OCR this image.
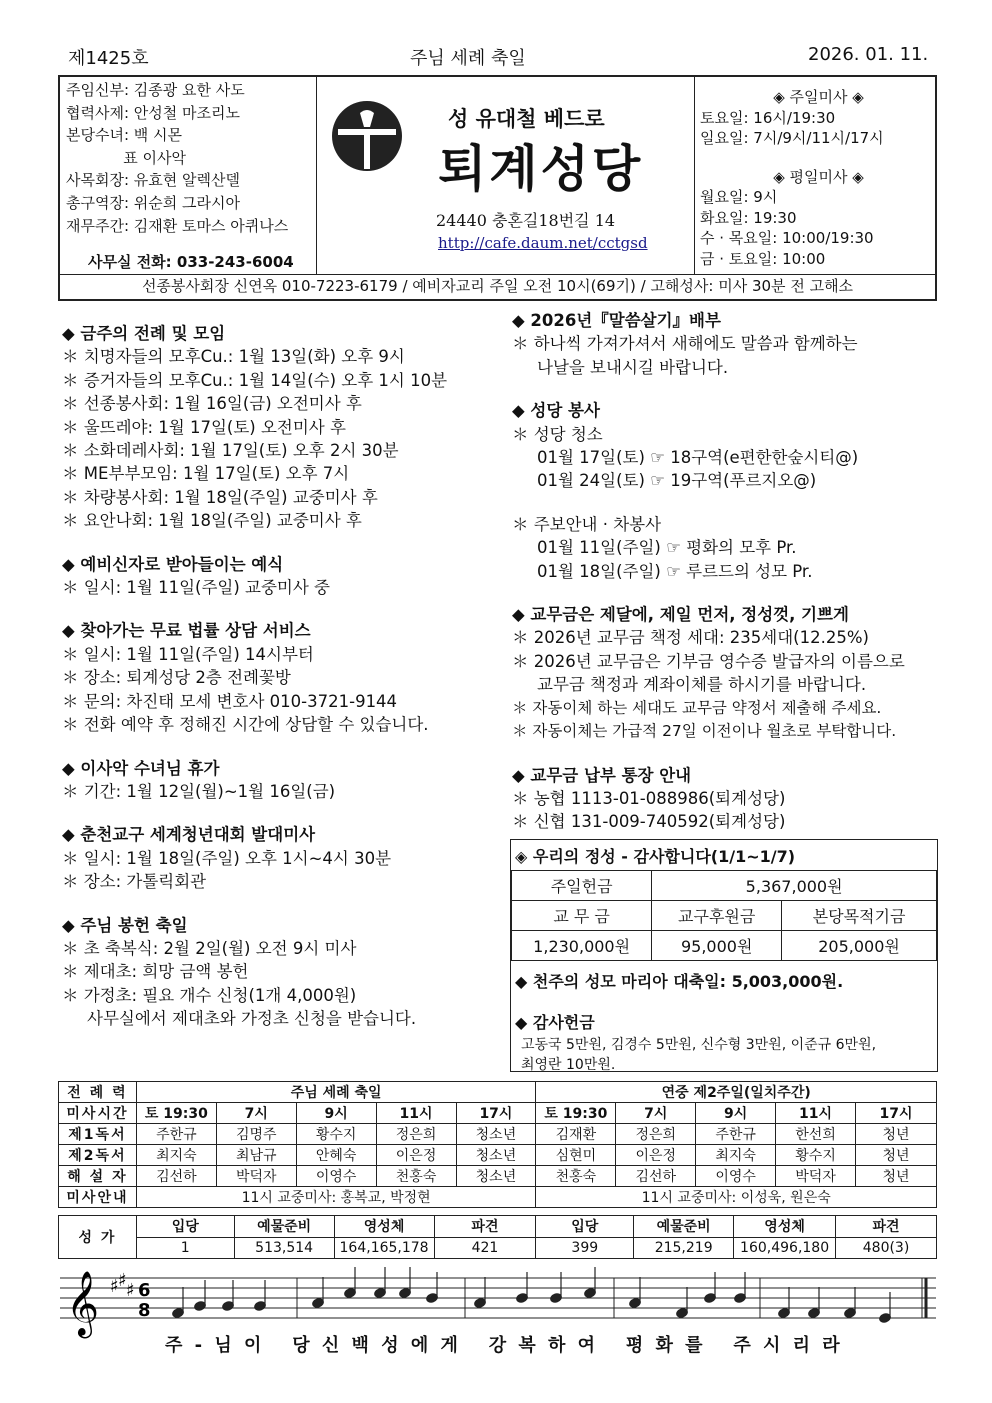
제1425호	주님 세례 축일	2026. 01. 11.
주임신부: 김종광 요한 사도
협력사제: 안성철 마조리노
본당수녀: 백 시몬
표 이사악
사목회장: 유효현 알렉산델
총구역장: 위순희 그라시아
재무주간: 김재환 토마스 아퀴나스
사무실 전화: 033-243-6004
성 유대철 베드로
퇴계성당
24440 충혼길18번길 14
http://cafe.daum.net/cctgsd
◈ 주일미사 ◈
토요일: 16시/19:30
일요일: 7시/9시/11시/17시
◈ 평일미사 ◈
월요일: 9시
화요일: 19:30
수 · 목요일: 10:00/19:30
금 · 토요일: 10:00
선종봉사회장 신연옥 010-7223-6179 / 예비자교리 주일 오전 10시(69기) / 고해성사: 미사 30분 전 고해소
◆ 금주의 전례 및 모임
＊ 치명자들의 모후Cu.: 1월 13일(화) 오후 9시
＊ 증거자들의 모후Cu.: 1월 14일(수) 오후 1시 10분
＊ 선종봉사회: 1월 16일(금) 오전미사 후
＊ 울뜨레야: 1월 17일(토) 오전미사 후
＊ 소화데레사회: 1월 17일(토) 오후 2시 30분
＊ ME부부모임: 1월 17일(토) 오후 7시
＊ 차량봉사회: 1월 18일(주일) 교중미사 후
＊ 요안나회: 1월 18일(주일) 교중미사 후
◆ 예비신자로 받아들이는 예식
＊ 일시: 1월 11일(주일) 교중미사 중
◆ 찾아가는 무료 법률 상담 서비스
＊ 일시: 1월 11일(주일) 14시부터
＊ 장소: 퇴계성당 2층 전례꽃방
＊ 문의: 차진태 모세 변호사 010-3721-9144
＊ 전화 예약 후 정해진 시간에 상담할 수 있습니다.
◆ 이사악 수녀님 휴가
＊ 기간: 1월 12일(월)~1월 16일(금)
◆ 춘천교구 세계청년대회 발대미사
＊ 일시: 1월 18일(주일) 오후 1시~4시 30분
＊ 장소: 가톨릭회관
◆ 주님 봉헌 축일
＊ 초 축복식: 2월 2일(월) 오전 9시 미사
＊ 제대초: 희망 금액 봉헌
＊ 가정초: 필요 개수 신청(1개 4,000원)
사무실에서 제대초와 가정초 신청을 받습니다.
◆ 2026년『말씀살기』배부
＊ 하나씩 가져가셔서 새해에도 말씀과 함께하는
나날을 보내시길 바랍니다.
◆ 성당 봉사
＊ 성당 청소
01월 17일(토) ☞ 18구역(e편한한숲시티@)
01월 24일(토) ☞ 19구역(푸르지오@)
＊ 주보안내 · 차봉사
01월 11일(주일) ☞ 평화의 모후 Pr.
01월 18일(주일) ☞ 루르드의 성모 Pr.
◆ 교무금은 제달에, 제일 먼저, 정성껏, 기쁘게
＊ 2026년 교무금 책정 세대: 235세대(12.25%)
＊ 2026년 교무금은 기부금 영수증 발급자의 이름으로
교무금 책정과 계좌이체를 하시기를 바랍니다.
＊ 자동이체 하는 세대도 교무금 약정서 제출해 주세요.
＊ 자동이체는 가급적 27일 이전이나 월초로 부탁합니다.
◆ 교무금 납부 통장 안내
＊ 농협 1113-01-088986(퇴계성당)
＊ 신협 131-009-740592(퇴계성당)
◈ 우리의 정성 - 감사합니다(1/1~1/7)
주일헌금	5,367,000원	
교 무 금	교구후원금	본당목적기금
1,230,000원	95,000원	205,000원
◆ 천주의 성모 마리아 대축일: 5,003,000원.
◆ 감사헌금
고동국 5만원, 김경수 5만원, 신수형 3만원, 이준규 6만원,
최영란 10만원.
전 례 력	주님 세례 축일					연중 제2주일(일치주간)				
미사시간	토 19:30	7시	9시	11시	17시	토 19:30	7시	9시	11시	17시
제1독서	주한규	김명주	황수지	정은희	청소년	김재환	정은희	주한규	한선희	청년
제2독서	최지숙	최남규	안혜숙	이은정	청소년	심현미	이은정	최지숙	황수지	청년
해 설 자	김선하	박덕자	이영수	천홍숙	청소년	천홍숙	김선하	이영수	박덕자	청년
미사안내	11시 교중미사: 홍복교, 박정현					11시 교중미사: 이성욱, 원은숙				
성 가	입당	예물준비	영성체	파견	입당	예물준비	영성체	파견
	1	513,514	164,165,178	421	399	215,219	160,496,180	480(3)
𝄞 ♯ ♯ ♯ 6
8
주 - 님 이   당 신 백 성 에 게   강 복 하 여   평 화 를   주 시 리 라
